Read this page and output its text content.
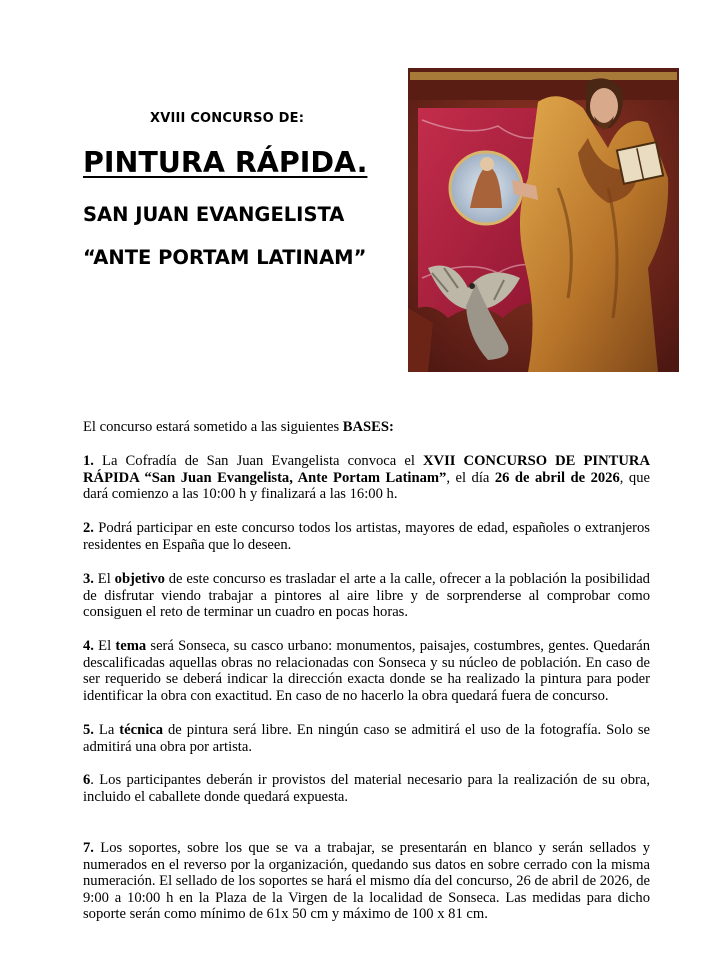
XVIII CONCURSO DE:
PINTURA RÁPIDA.
SAN JUAN EVANGELISTA
“ANTE PORTAM LATINAM”
El concurso estará sometido a las siguientes BASES:

1. La Cofradía de San Juan Evangelista convoca el XVII CONCURSO DE PINTURA RÁPIDA “San Juan Evangelista, Ante Portam Latinam”, el día 26 de abril de 2026, que dará comienzo a las 10:00 h y finalizará a las 16:00 h.

2. Podrá participar en este concurso todos los artistas, mayores de edad, españoles o extranjeros residentes en España que lo deseen.

3. El objetivo de este concurso es trasladar el arte a la calle, ofrecer a la población la posibilidad de disfrutar viendo trabajar a pintores al aire libre y de sorprenderse al comprobar como consiguen el reto de terminar un cuadro en pocas horas.

4. El tema será Sonseca, su casco urbano: monumentos, paisajes, costumbres, gentes. Quedarán descalificadas aquellas obras no relacionadas con Sonseca y su núcleo de población. En caso de ser requerido se deberá indicar la dirección exacta donde se ha realizado la pintura para poder identificar la obra con exactitud. En caso de no hacerlo la obra quedará fuera de concurso.

5. La técnica de pintura será libre. En ningún caso se admitirá el uso de la fotografía. Solo se admitirá una obra por artista.

6. Los participantes deberán ir provistos del material necesario para la realización de su obra, incluido el caballete donde quedará expuesta.

7. Los soportes, sobre los que se va a trabajar, se presentarán en blanco y serán sellados y numerados en el reverso por la organización, quedando sus datos en sobre cerrado con la misma numeración. El sellado de los soportes se hará el mismo día del concurso, 26 de abril de 2026, de 9:00 a 10:00 h en la Plaza de la Virgen de la localidad de Sonseca. Las medidas para dicho soporte serán como mínimo de 61x 50 cm y máximo de 100 x 81 cm.
